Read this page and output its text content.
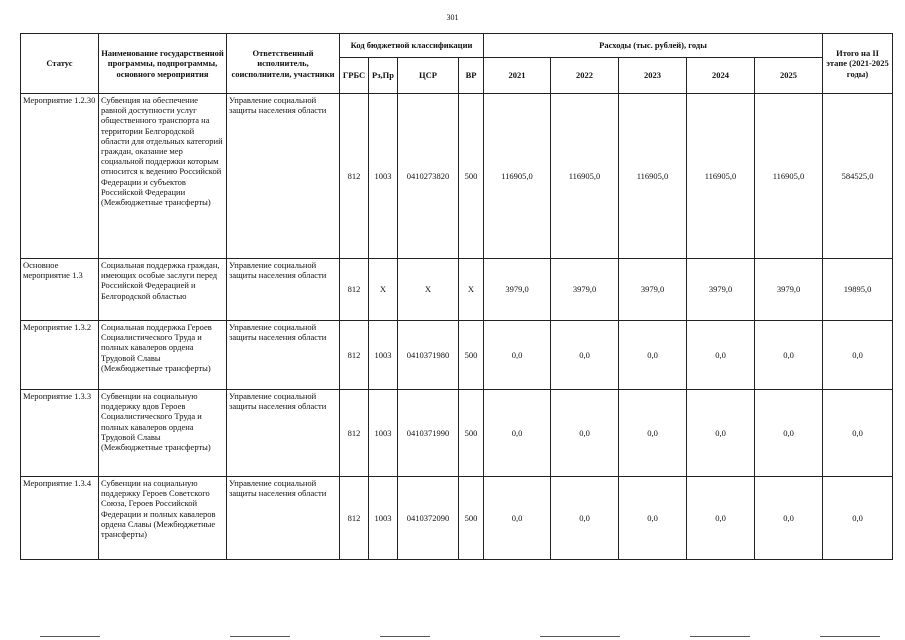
301
Статус	Наименование государственной программы, подпрограммы, основного мероприятия	Ответственный исполнитель, соисполнители, участники	Код бюджетной классификации				Расходы (тыс. рублей), годы					Итого на II этапе (2021-2025 годы)
			ГРБС	Рз,Пр	ЦСР	ВР	2021	2022	2023	2024	2025	
Мероприятие 1.2.30	Субвенция на обеспечение равной доступности услуг общественного транспорта на территории Белгородской области для отдельных категорий граждан, оказание мер социальной поддержки которым относится к ведению Российской Федерации и субъектов Российской Федерации (Межбюджетные трансферты)	Управление социальной защиты населения области	812	1003	0410273820	500	116905,0	116905,0	116905,0	116905,0	116905,0	584525,0
Основное мероприятие 1.3	Социальная поддержка граждан, имеющих особые заслуги перед Российской Федерацией и Белгородской областью	Управление социальной защиты населения области	812	X	X	X	3979,0	3979,0	3979,0	3979,0	3979,0	19895,0
Мероприятие 1.3.2	Социальная поддержка Героев Социалистического Труда и полных кавалеров ордена Трудовой Славы (Межбюджетные трансферты)	Управление социальной защиты населения области	812	1003	0410371980	500	0,0	0,0	0,0	0,0	0,0	0,0
Мероприятие 1.3.3	Субвенции на социальную поддержку вдов Героев Социалистического Труда и полных кавалеров ордена Трудовой Славы (Межбюджетные трансферты)	Управление социальной защиты населения области	812	1003	0410371990	500	0,0	0,0	0,0	0,0	0,0	0,0
Мероприятие 1.3.4	Субвенции на социальную поддержку Героев Советского Союза, Героев Российской Федерации и полных кавалеров ордена Славы (Межбюджетные трансферты)	Управление социальной защиты населения области	812	1003	0410372090	500	0,0	0,0	0,0	0,0	0,0	0,0
